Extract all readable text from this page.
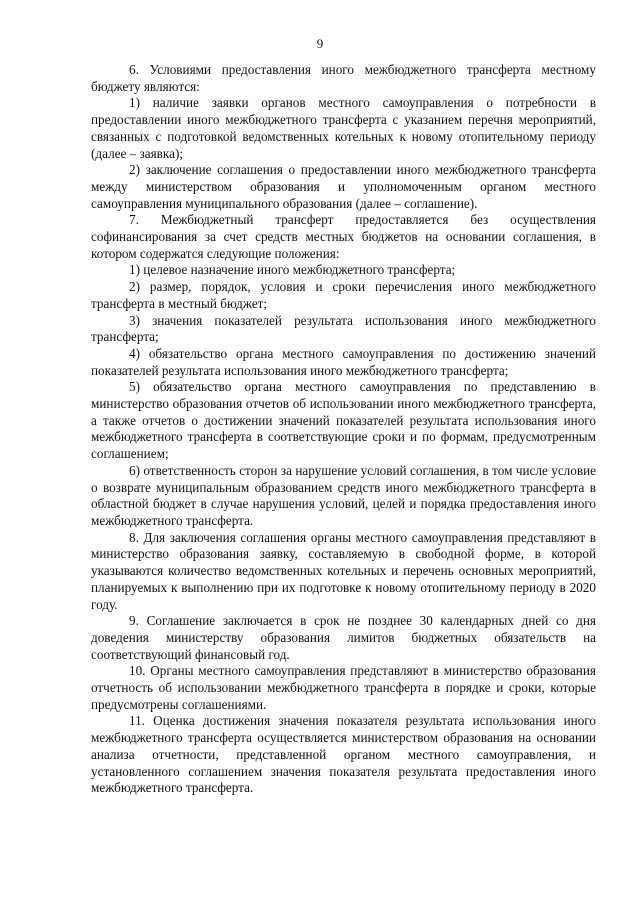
9

6. Условиями предоставления иного межбюджетного трансферта местному бюджету являются:

1) наличие заявки органов местного самоуправления о потребности в предоставлении иного межбюджетного трансферта с указанием перечня мероприятий, связанных с подготовкой ведомственных котельных к новому отопительному периоду (далее – заявка);

2) заключение соглашения о предоставлении иного межбюджетного трансферта между министерством образования и уполномоченным органом местного самоуправления муниципального образования (далее – соглашение).

7. Межбюджетный трансферт предоставляется без осуществления софинансирования за счет средств местных бюджетов на основании соглашения, в котором содержатся следующие положения:

1) целевое назначение иного межбюджетного трансферта;

2) размер, порядок, условия и сроки перечисления иного межбюджетного трансферта в местный бюджет;

3) значения показателей результата использования иного межбюджетного трансферта;

4) обязательство органа местного самоуправления по достижению значений показателей результата использования иного межбюджетного трансферта;

5) обязательство органа местного самоуправления по представлению в министерство образования отчетов об использовании иного межбюджетного трансферта, а также отчетов о достижении значений показателей результата использования иного межбюджетного трансферта в соответствующие сроки и по формам, предусмотренным соглашением;

6) ответственность сторон за нарушение условий соглашения, в том числе условие о возврате муниципальным образованием средств иного межбюджетного трансферта в областной бюджет в случае нарушения условий, целей и порядка предоставления иного межбюджетного трансферта.

8. Для заключения соглашения органы местного самоуправления представляют в министерство образования заявку, составляемую в свободной форме, в которой указываются количество ведомственных котельных и перечень основных мероприятий, планируемых к выполнению при их подготовке к новому отопительному периоду в 2020 году.

9. Соглашение заключается в срок не позднее 30 календарных дней со дня доведения министерству образования лимитов бюджетных обязательств на соответствующий финансовый год.

10. Органы местного самоуправления представляют в министерство образования отчетность об использовании межбюджетного трансферта в порядке и сроки, которые предусмотрены соглашениями.

11. Оценка достижения значения показателя результата использования иного межбюджетного трансферта осуществляется министерством образования на основании анализа отчетности, представленной органом местного самоуправления, и установленного соглашением значения показателя результата предоставления иного межбюджетного трансферта.
